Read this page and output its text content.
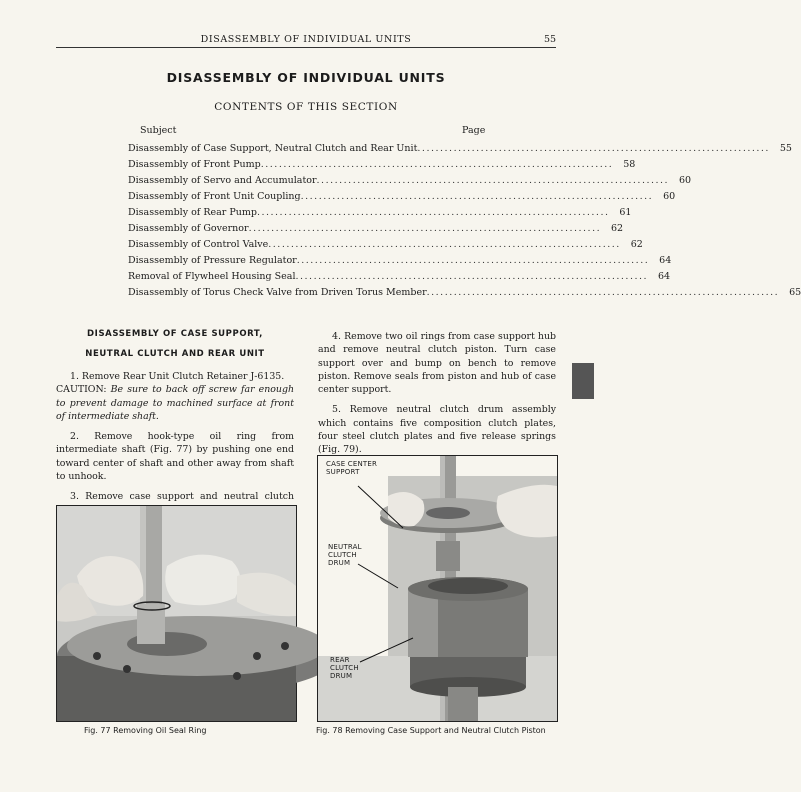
DISASSEMBLY OF INDIVIDUAL UNITS	55
DISASSEMBLY OF INDIVIDUAL UNITS
CONTENTS OF THIS SECTION
Subject	Page
Disassembly of Case Support, Neutral Clutch and Rear Unit ..............................................................................	55
Disassembly of Front Pump ..............................................................................	58
Disassembly of Servo and Accumulator ..............................................................................	60
Disassembly of Front Unit Coupling ..............................................................................	60
Disassembly of Rear Pump ..............................................................................	61
Disassembly of Governor ..............................................................................	62
Disassembly of Control Valve ..............................................................................	62
Disassembly of Pressure Regulator ..............................................................................	64
Removal of Flywheel Housing Seal ..............................................................................	64
Disassembly of Torus Check Valve from Driven Torus Member ..............................................................................	65
DISASSEMBLY OF CASE SUPPORT,
NEUTRAL CLUTCH AND REAR UNIT

1. Remove Rear Unit Clutch Retainer J-6135.

CAUTION: Be sure to back off screw far enough to prevent damage to machined surface at front of intermediate shaft.

2. Remove hook-type oil ring from intermediate shaft (Fig. 77) by pushing one end toward center of shaft and other away from shaft to unhook.

3. Remove case support and neutral clutch

4. Remove two oil rings from case support hub and remove neutral clutch piston. Turn case support over and bump on bench to remove piston. Remove seals from piston and hub of case center support.

5. Remove neutral clutch drum assembly which contains five composition clutch plates, four steel clutch plates and five release springs (Fig. 79).

CASE CENTER
SUPPORT
NEUTRAL
CLUTCH
DRUM
REAR
CLUTCH
DRUM
Fig. 77 Removing Oil Seal Ring	Fig. 78 Removing Case Support and Neutral Clutch Piston
